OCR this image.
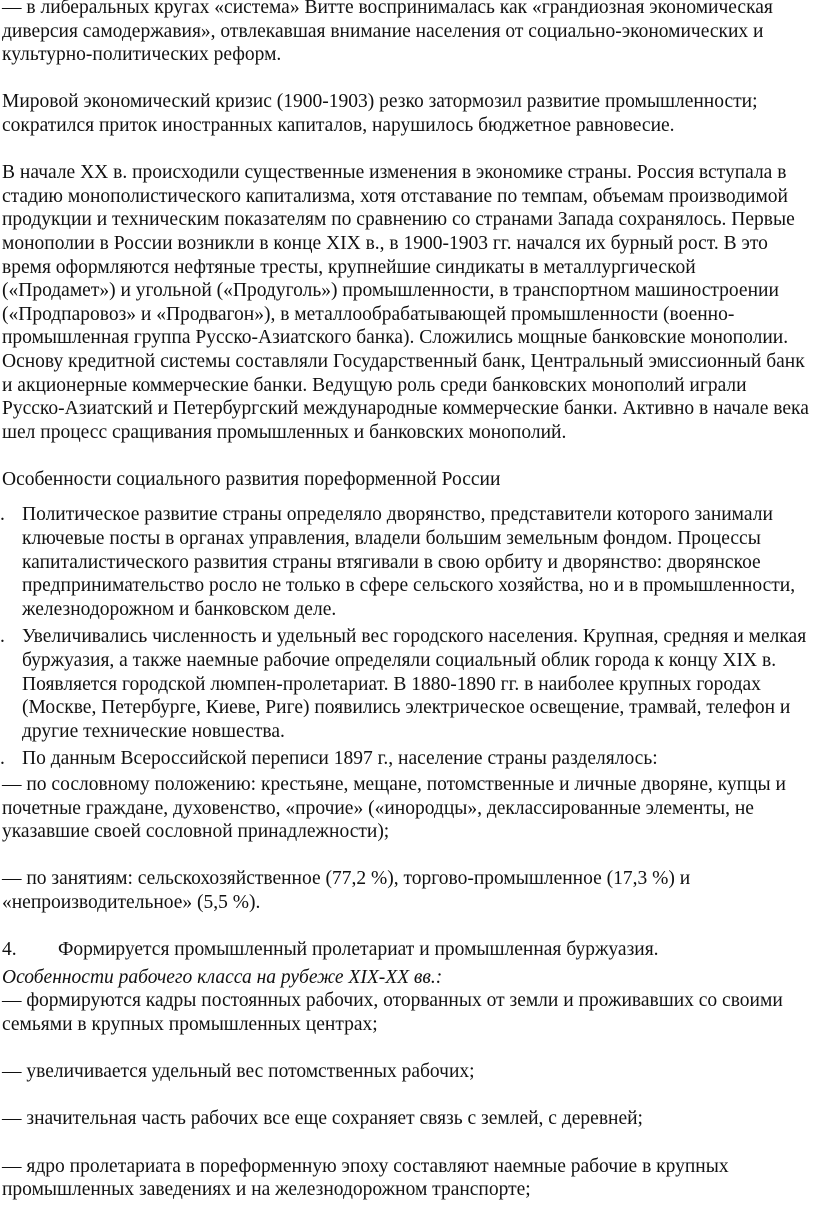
— в либеральных кругах «система» Витте воспринималась как «грандиозная экономическая диверсия самодержавия», отвлекавшая внимание населения от социально-экономических и культурно-политических реформ.

Мировой экономический кризис (1900-1903) резко затормозил развитие промышленности; сократился приток иностранных капиталов, нарушилось бюджетное равновесие.

В начале XX в. происходили существенные изменения в экономике страны. Россия вступала в стадию монополистического капитализма, хотя отставание по темпам, объемам производимой продукции и техническим показателям по сравнению со странами Запада сохранялось. Первые монополии в России возникли в конце XIX в., в 1900-1903 гг. начался их бурный рост. В это время оформляются нефтяные тресты, крупнейшие синдикаты в металлургической («Продамет») и угольной («Продуголь») промышленности, в транспортном машиностроении («Продпаровоз» и «Продвагон»), в металлообрабатывающей промышленности (военно-промышленная группа Русско-Азиатского банка). Сложились мощные банковские монополии. Основу кредитной системы составляли Государственный банк, Центральный эмиссионный банк и акционерные коммерческие банки. Ведущую роль среди банковских монополий играли Русско-Азиатский и Петербургский международные коммерческие банки. Активно в начале века шел процесс сращивания промышленных и банковских монополий.

Особенности социального развития пореформенной России

. Политическое развитие страны определяло дворянство, представители которого занимали ключевые посты в органах управления, владели большим земельным фондом. Процессы капиталистического развития страны втягивали в свою орбиту и дворянство: дворянское предпринимательство росло не только в сфере сельского хозяйства, но и в промышленности, железнодорожном и банковском деле.

. Увеличивались численность и удельный вес городского населения. Крупная, средняя и мелкая буржуазия, а также наемные рабочие определяли социальный облик города к концу XIX в. Появляется городской люмпен-пролетариат. В 1880-1890 гг. в наиболее крупных городах (Москве, Петербурге, Киеве, Риге) появились электрическое освещение, трамвай, телефон и другие технические новшества.

. По данным Всероссийской переписи 1897 г., население страны разделялось:

— по сословному положению: крестьяне, мещане, потомственные и личные дворяне, купцы и почетные граждане, духовенство, «прочие» («инородцы», деклассированные элементы, не указавшие своей сословной принадлежности);

— по занятиям: сельскохозяйственное (77,2 %), торгово-промышленное (17,3 %) и «непроизводительное» (5,5 %).

4. Формируется промышленный пролетариат и промышленная буржуазия.

Особенности рабочего класса на рубеже XIX-XX вв.:

— формируются кадры постоянных рабочих, оторванных от земли и проживавших со своими семьями в крупных промышленных центрах;

— увеличивается удельный вес потомственных рабочих;

— значительная часть рабочих все еще сохраняет связь с землей, с деревней;

— ядро пролетариата в пореформенную эпоху составляют наемные рабочие в крупных промышленных заведениях и на железнодорожном транспорте;
